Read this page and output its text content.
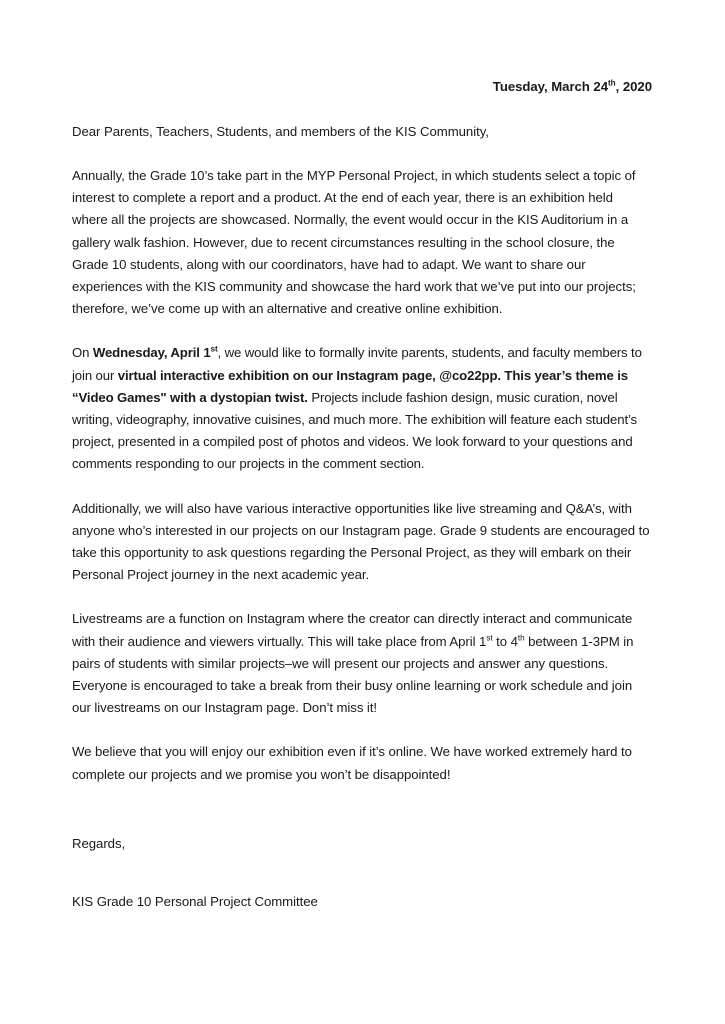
Tuesday, March 24th, 2020

Dear Parents, Teachers, Students, and members of the KIS Community,

Annually, the Grade 10’s take part in the MYP Personal Project, in which students select a topic of interest to complete a report and a product. At the end of each year, there is an exhibition held where all the projects are showcased. Normally, the event would occur in the KIS Auditorium in a gallery walk fashion. However, due to recent circumstances resulting in the school closure, the Grade 10 students, along with our coordinators, have had to adapt. We want to share our experiences with the KIS community and showcase the hard work that we’ve put into our projects; therefore, we’ve come up with an alternative and creative online exhibition.

On Wednesday, April 1st, we would like to formally invite parents, students, and faculty members to join our virtual interactive exhibition on our Instagram page, @co22pp. This year’s theme is “Video Games" with a dystopian twist. Projects include fashion design, music curation, novel writing, videography, innovative cuisines, and much more. The exhibition will feature each student’s project, presented in a compiled post of photos and videos. We look forward to your questions and comments responding to our projects in the comment section.

Additionally, we will also have various interactive opportunities like live streaming and Q&A’s, with anyone who’s interested in our projects on our Instagram page. Grade 9 students are encouraged to take this opportunity to ask questions regarding the Personal Project, as they will embark on their Personal Project journey in the next academic year.

Livestreams are a function on Instagram where the creator can directly interact and communicate with their audience and viewers virtually. This will take place from April 1st to 4th between 1-3PM in pairs of students with similar projects–we will present our projects and answer any questions. Everyone is encouraged to take a break from their busy online learning or work schedule and join our livestreams on our Instagram page. Don’t miss it!

We believe that you will enjoy our exhibition even if it’s online. We have worked extremely hard to complete our projects and we promise you won’t be disappointed!

Regards,

KIS Grade 10 Personal Project Committee
